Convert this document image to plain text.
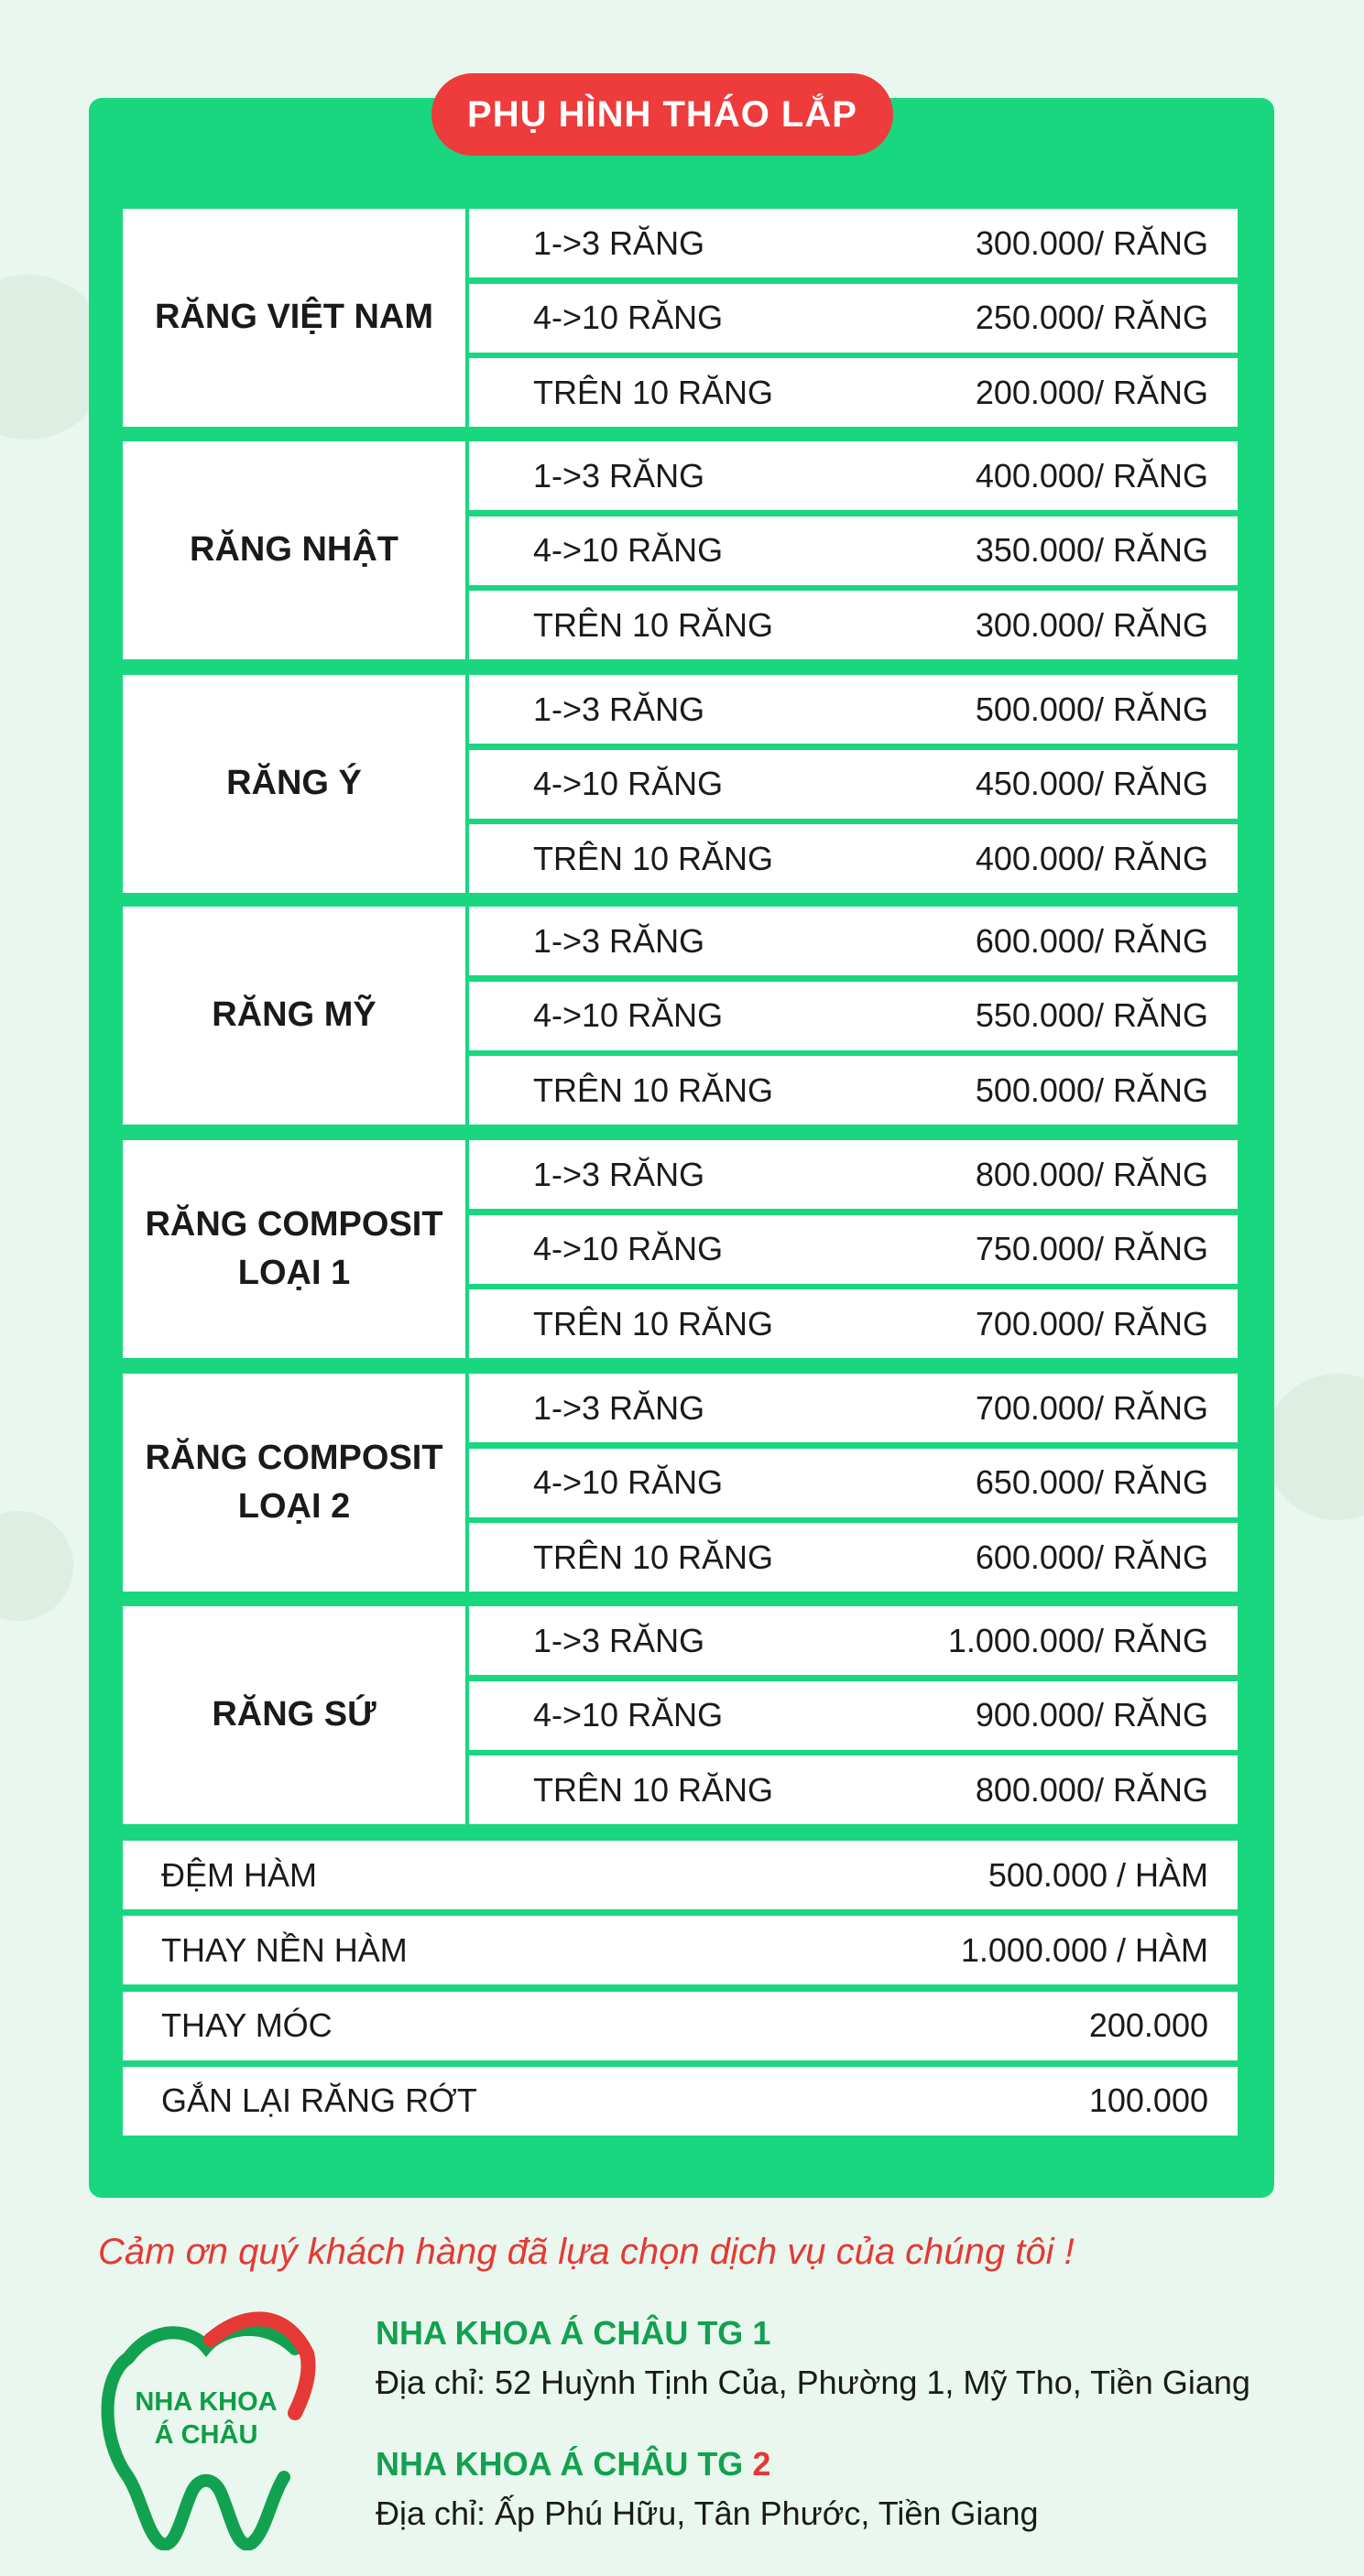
PHỤ HÌNH THÁO LẮP
RĂNG VIỆT NAM
1->3 RĂNG	300.000/ RĂNG
4->10 RĂNG	250.000/ RĂNG
TRÊN 10 RĂNG	200.000/ RĂNG
RĂNG NHẬT
1->3 RĂNG	400.000/ RĂNG
4->10 RĂNG	350.000/ RĂNG
TRÊN 10 RĂNG	300.000/ RĂNG
RĂNG Ý
1->3 RĂNG	500.000/ RĂNG
4->10 RĂNG	450.000/ RĂNG
TRÊN 10 RĂNG	400.000/ RĂNG
RĂNG MỸ
1->3 RĂNG	600.000/ RĂNG
4->10 RĂNG	550.000/ RĂNG
TRÊN 10 RĂNG	500.000/ RĂNG
RĂNG COMPOSIT
LOẠI 1
1->3 RĂNG	800.000/ RĂNG
4->10 RĂNG	750.000/ RĂNG
TRÊN 10 RĂNG	700.000/ RĂNG
RĂNG COMPOSIT
LOẠI 2
1->3 RĂNG	700.000/ RĂNG
4->10 RĂNG	650.000/ RĂNG
TRÊN 10 RĂNG	600.000/ RĂNG
RĂNG SỨ
1->3 RĂNG	1.000.000/ RĂNG
4->10 RĂNG	900.000/ RĂNG
TRÊN 10 RĂNG	800.000/ RĂNG
ĐỆM HÀM	500.000 / HÀM
THAY NỀN HÀM	1.000.000 / HÀM
THAY MÓC	200.000
GẮN LẠI RĂNG RỚT	100.000
Cảm ơn quý khách hàng đã lựa chọn dịch vụ của chúng tôi !
NHA KHOA
Á CHÂU
NHA KHOA Á CHÂU TG 1
Địa chỉ: 52 Huỳnh Tịnh Của, Phường 1, Mỹ Tho, Tiền Giang
NHA KHOA Á CHÂU TG 2
Địa chỉ: Ấp Phú Hữu, Tân Phước, Tiền Giang
